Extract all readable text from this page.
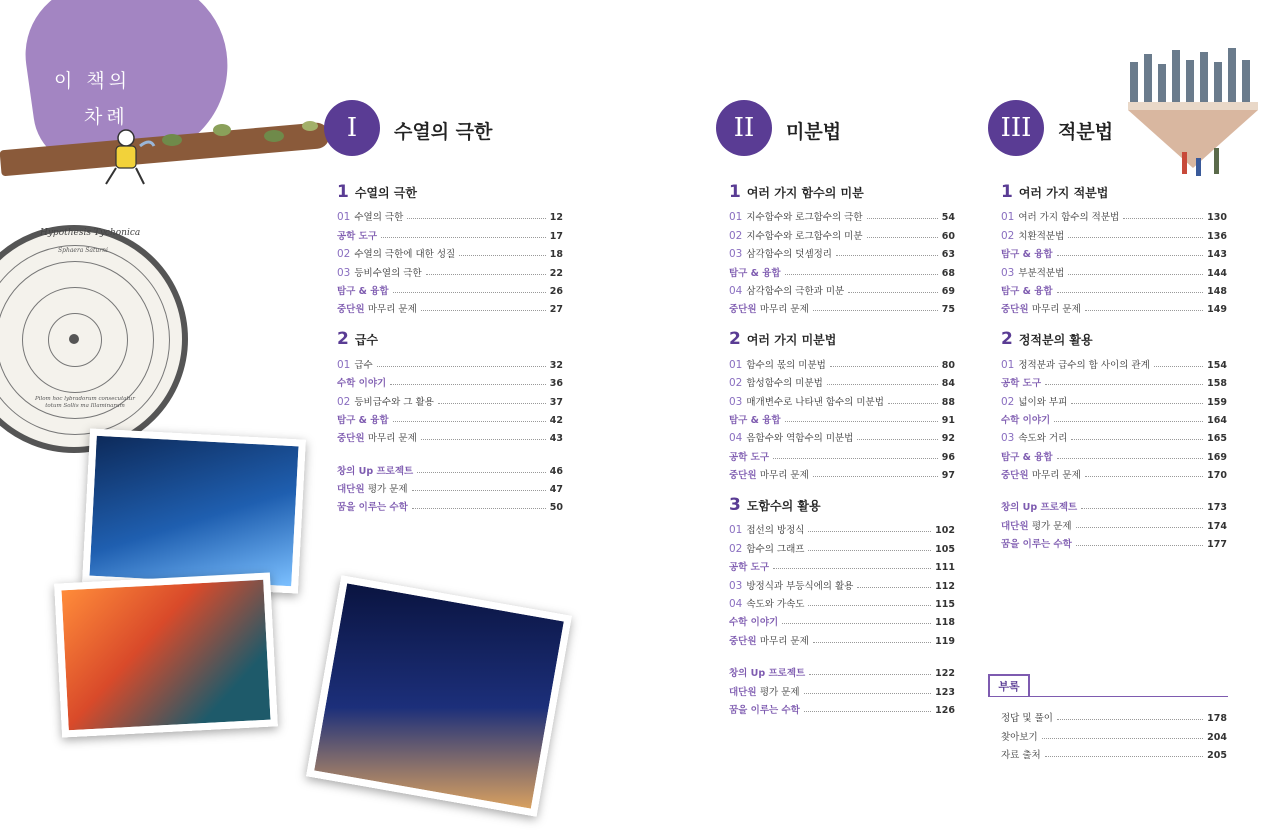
이 책의
차례
Hypothesis Tychonica
Sphaera Saturni
Pilom hoc lybradorum consecutatur totum Sollis ma Illaminarum
I	수열의 극한	II	미분법	III	적분법
1 수열의 극한
01 수열의 극한	12
공학 도구	17
02 수열의 극한에 대한 성질	18
03 등비수열의 극한	22
탐구 & 융합	26
중단원 마무리 문제	27
2 급수
01 급수	32
수학 이야기	36
02 등비급수와 그 활용	37
탐구 & 융합	42
중단원 마무리 문제	43
창의 Up 프로젝트	46
대단원 평가 문제	47
꿈을 이루는 수학	50
1 여러 가지 함수의 미분
01 지수함수와 로그함수의 극한	54
02 지수함수와 로그함수의 미분	60
03 삼각함수의 덧셈정리	63
탐구 & 융합	68
04 삼각함수의 극한과 미분	69
중단원 마무리 문제	75
2 여러 가지 미분법
01 함수의 몫의 미분법	80
02 합성함수의 미분법	84
03 매개변수로 나타낸 함수의 미분법	88
탐구 & 융합	91
04 음함수와 역함수의 미분법	92
공학 도구	96
중단원 마무리 문제	97
3 도함수의 활용
01 접선의 방정식	102
02 함수의 그래프	105
공학 도구	111
03 방정식과 부등식에의 활용	112
04 속도와 가속도	115
수학 이야기	118
중단원 마무리 문제	119
창의 Up 프로젝트	122
대단원 평가 문제	123
꿈을 이루는 수학	126
1 여러 가지 적분법
01 여러 가지 함수의 적분법	130
02 치환적분법	136
탐구 & 융합	143
03 부분적분법	144
탐구 & 융합	148
중단원 마무리 문제	149
2 정적분의 활용
01 정적분과 급수의 합 사이의 관계	154
공학 도구	158
02 넓이와 부피	159
수학 이야기	164
03 속도와 거리	165
탐구 & 융합	169
중단원 마무리 문제	170
창의 Up 프로젝트	173
대단원 평가 문제	174
꿈을 이루는 수학	177
부록
정답 및 풀이	178
찾아보기	204
자료 출처	205
